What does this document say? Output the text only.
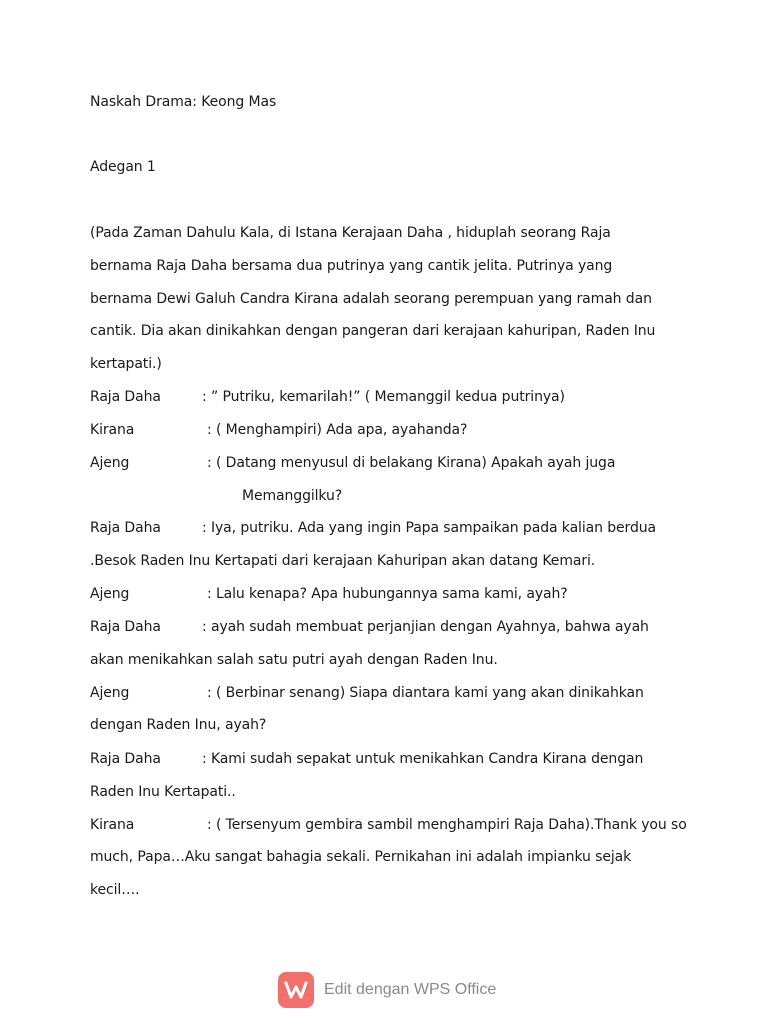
Naskah Drama: Keong Mas
Adegan 1
(Pada Zaman Dahulu Kala, di Istana Kerajaan Daha , hiduplah seorang Raja
bernama Raja Daha bersama dua putrinya yang cantik jelita. Putrinya yang
bernama Dewi Galuh Candra Kirana adalah seorang perempuan yang ramah dan
cantik. Dia akan dinikahkan dengan pangeran dari kerajaan kahuripan, Raden Inu
kertapati.)
Raja Daha	: ” Putriku, kemarilah!” ( Memanggil kedua putrinya)
Kirana	: ( Menghampiri) Ada apa, ayahanda?
Ajeng	: ( Datang menyusul di belakang Kirana) Apakah ayah juga
Memanggilku?
Raja Daha	: Iya, putriku. Ada yang ingin Papa sampaikan pada kalian berdua
.Besok Raden Inu Kertapati dari kerajaan Kahuripan akan datang Kemari.
Ajeng	: Lalu kenapa? Apa hubungannya sama kami, ayah?
Raja Daha	: ayah sudah membuat perjanjian dengan Ayahnya, bahwa ayah
akan menikahkan salah satu putri ayah dengan Raden Inu.
Ajeng	: ( Berbinar senang) Siapa diantara kami yang akan dinikahkan
dengan Raden Inu, ayah?
Raja Daha	: Kami sudah sepakat untuk menikahkan Candra Kirana dengan
Raden Inu Kertapati..
Kirana	: ( Tersenyum gembira sambil menghampiri Raja Daha).Thank you so
much, Papa…Aku sangat bahagia sekali. Pernikahan ini adalah impianku sejak
kecil….
Edit dengan WPS Office
